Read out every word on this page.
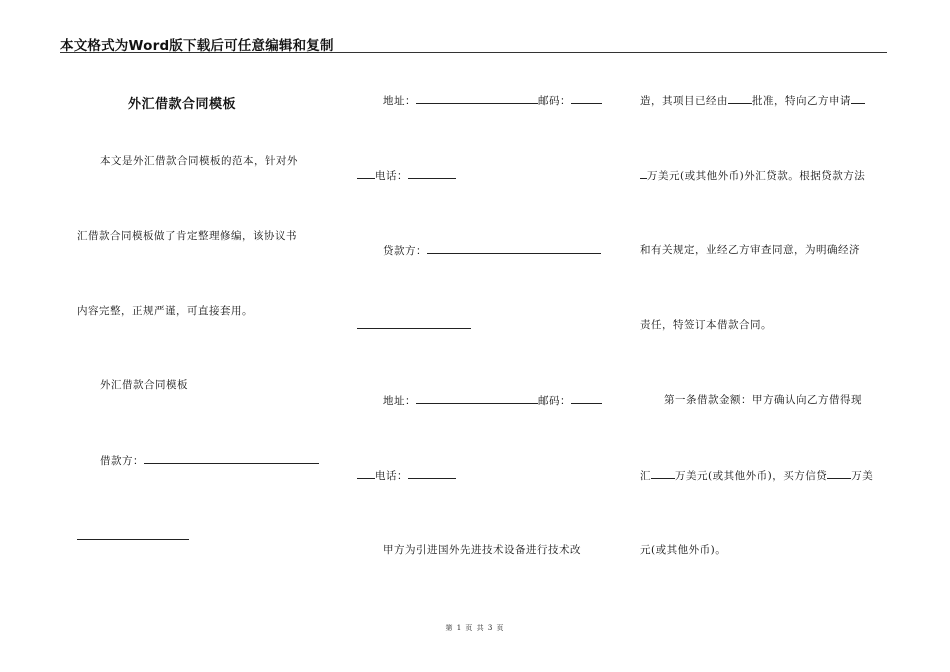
本文格式为Word版下载后可任意编辑和复制
外汇借款合同模板
本文是外汇借款合同模板的范本，针对外
汇借款合同模板做了肯定整理修编，该协议书
内容完整，正规严谨，可直接套用。
外汇借款合同模板
借款方：
地址：	邮码：
电话：
贷款方：
地址：	邮码：
电话：
甲方为引进国外先进技术设备进行技术改
造，其项目已经由 批准，特向乙方申请
万美元(或其他外币)外汇贷款。根据贷款方法
和有关规定，业经乙方审查同意，为明确经济
责任，特签订本借款合同。
第一条借款金额：甲方确认向乙方借得现
汇 万美元(或其他外币)，买方信贷 万美
元(或其他外币)。
第 1 页 共 3 页
